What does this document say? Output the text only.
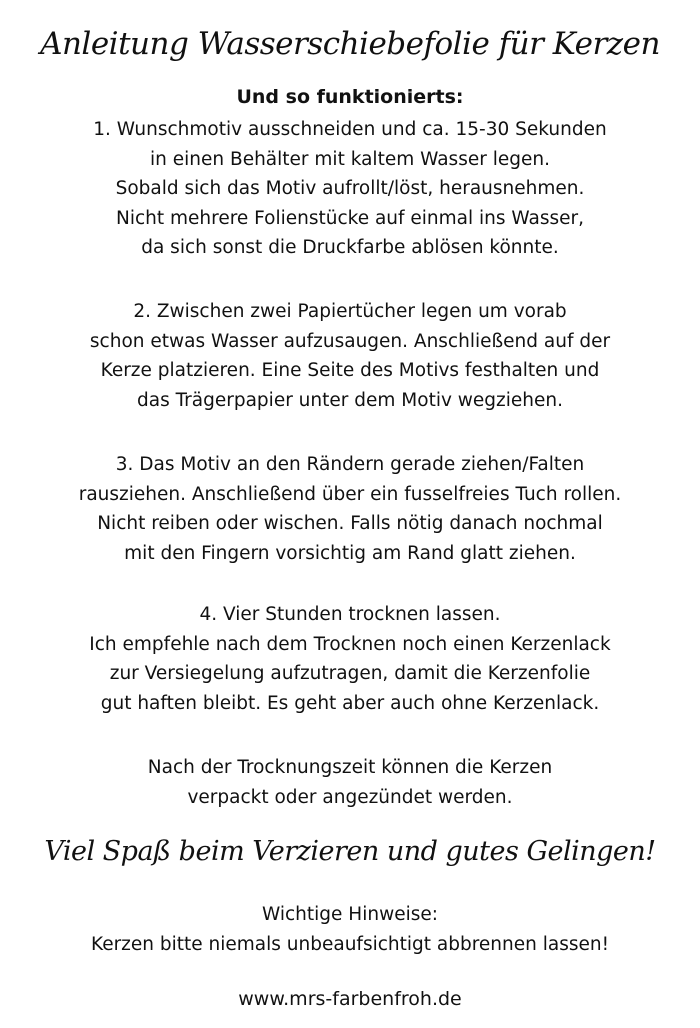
Anleitung Wasserschiebefolie für Kerzen
Und so funktionierts:
1. Wunschmotiv ausschneiden und ca. 15-30 Sekunden
in einen Behälter mit kaltem Wasser legen.
Sobald sich das Motiv aufrollt/löst, herausnehmen.
Nicht mehrere Folienstücke auf einmal ins Wasser,
da sich sonst die Druckfarbe ablösen könnte.
2. Zwischen zwei Papiertücher legen um vorab
schon etwas Wasser aufzusaugen. Anschließend auf der
Kerze platzieren. Eine Seite des Motivs festhalten und
das Trägerpapier unter dem Motiv wegziehen.
3. Das Motiv an den Rändern gerade ziehen/Falten
rausziehen. Anschließend über ein fusselfreies Tuch rollen.
Nicht reiben oder wischen. Falls nötig danach nochmal
mit den Fingern vorsichtig am Rand glatt ziehen.
4. Vier Stunden trocknen lassen.
Ich empfehle nach dem Trocknen noch einen Kerzenlack
zur Versiegelung aufzutragen, damit die Kerzenfolie
gut haften bleibt. Es geht aber auch ohne Kerzenlack.
Nach der Trocknungszeit können die Kerzen
verpackt oder angezündet werden.
Viel Spaß beim Verzieren und gutes Gelingen!
Wichtige Hinweise:
Kerzen bitte niemals unbeaufsichtigt abbrennen lassen!
www.mrs-farbenfroh.de
